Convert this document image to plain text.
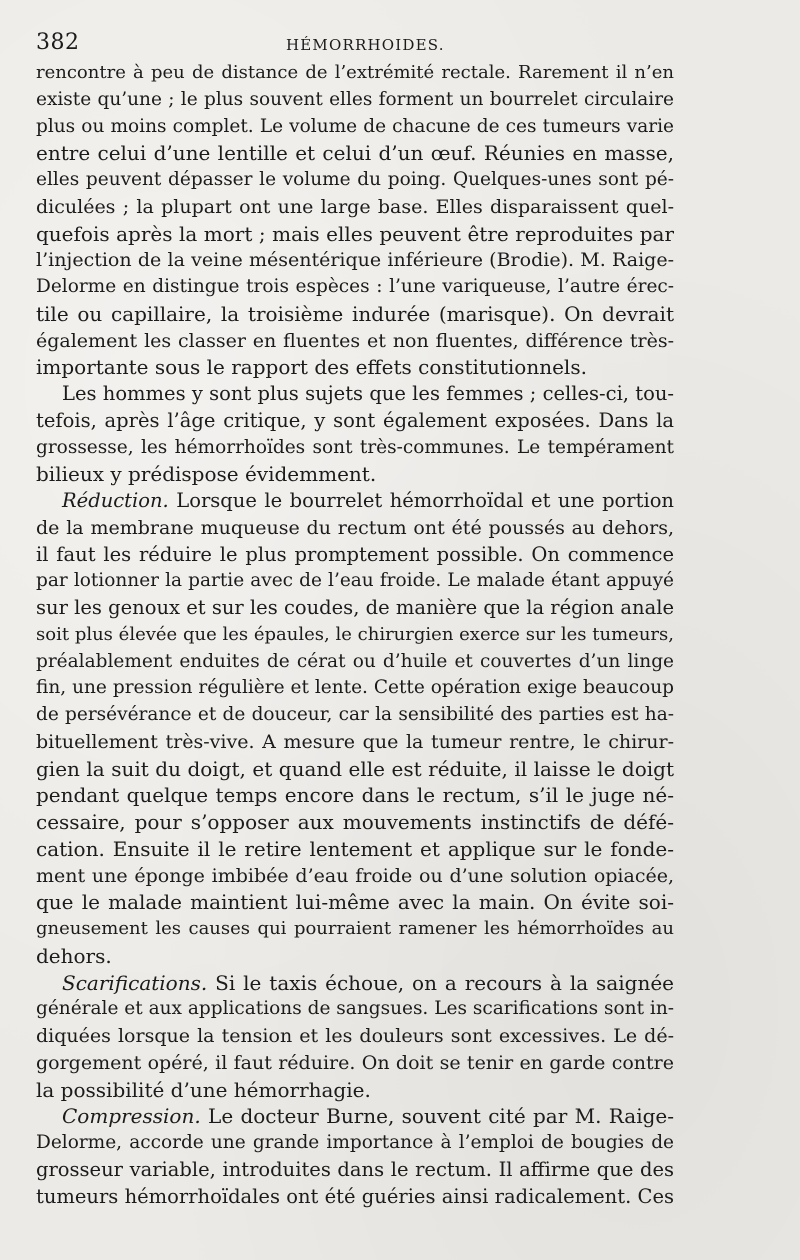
382	HÉMORRHOIDES.
rencontre à peu de distance de l’extrémité rectale. Rarement il n’en
existe qu’une ; le plus souvent elles forment un bourrelet circulaire
plus ou moins complet. Le volume de chacune de ces tumeurs varie
entre celui d’une lentille et celui d’un œuf. Réunies en masse,
elles peuvent dépasser le volume du poing. Quelques-unes sont pé-
diculées ; la plupart ont une large base. Elles disparaissent quel-
quefois après la mort ; mais elles peuvent être reproduites par
l’injection de la veine mésentérique inférieure (Brodie). M. Raige-
Delorme en distingue trois espèces : l’une variqueuse, l’autre érec-
tile ou capillaire, la troisième indurée (marisque). On devrait
également les classer en fluentes et non fluentes, différence très-
importante sous le rapport des effets constitutionnels.
Les hommes y sont plus sujets que les femmes ; celles-ci, tou-
tefois, après l’âge critique, y sont également exposées. Dans la
grossesse, les hémorrhoïdes sont très-communes. Le tempérament
bilieux y prédispose évidemment.
Réduction. Lorsque le bourrelet hémorrhoïdal et une portion
de la membrane muqueuse du rectum ont été poussés au dehors,
il faut les réduire le plus promptement possible. On commence
par lotionner la partie avec de l’eau froide. Le malade étant appuyé
sur les genoux et sur les coudes, de manière que la région anale
soit plus élevée que les épaules, le chirurgien exerce sur les tumeurs,
préalablement enduites de cérat ou d’huile et couvertes d’un linge
fin, une pression régulière et lente. Cette opération exige beaucoup
de persévérance et de douceur, car la sensibilité des parties est ha-
bituellement très-vive. A mesure que la tumeur rentre, le chirur-
gien la suit du doigt, et quand elle est réduite, il laisse le doigt
pendant quelque temps encore dans le rectum, s’il le juge né-
cessaire, pour s’opposer aux mouvements instinctifs de défé-
cation. Ensuite il le retire lentement et applique sur le fonde-
ment une éponge imbibée d’eau froide ou d’une solution opiacée,
que le malade maintient lui-même avec la main. On évite soi-
gneusement les causes qui pourraient ramener les hémorrhoïdes au
dehors.
Scarifications. Si le taxis échoue, on a recours à la saignée
générale et aux applications de sangsues. Les scarifications sont in-
diquées lorsque la tension et les douleurs sont excessives. Le dé-
gorgement opéré, il faut réduire. On doit se tenir en garde contre
la possibilité d’une hémorrhagie.
Compression. Le docteur Burne, souvent cité par M. Raige-
Delorme, accorde une grande importance à l’emploi de bougies de
grosseur variable, introduites dans le rectum. Il affirme que des
tumeurs hémorrhoïdales ont été guéries ainsi radicalement. Ces
